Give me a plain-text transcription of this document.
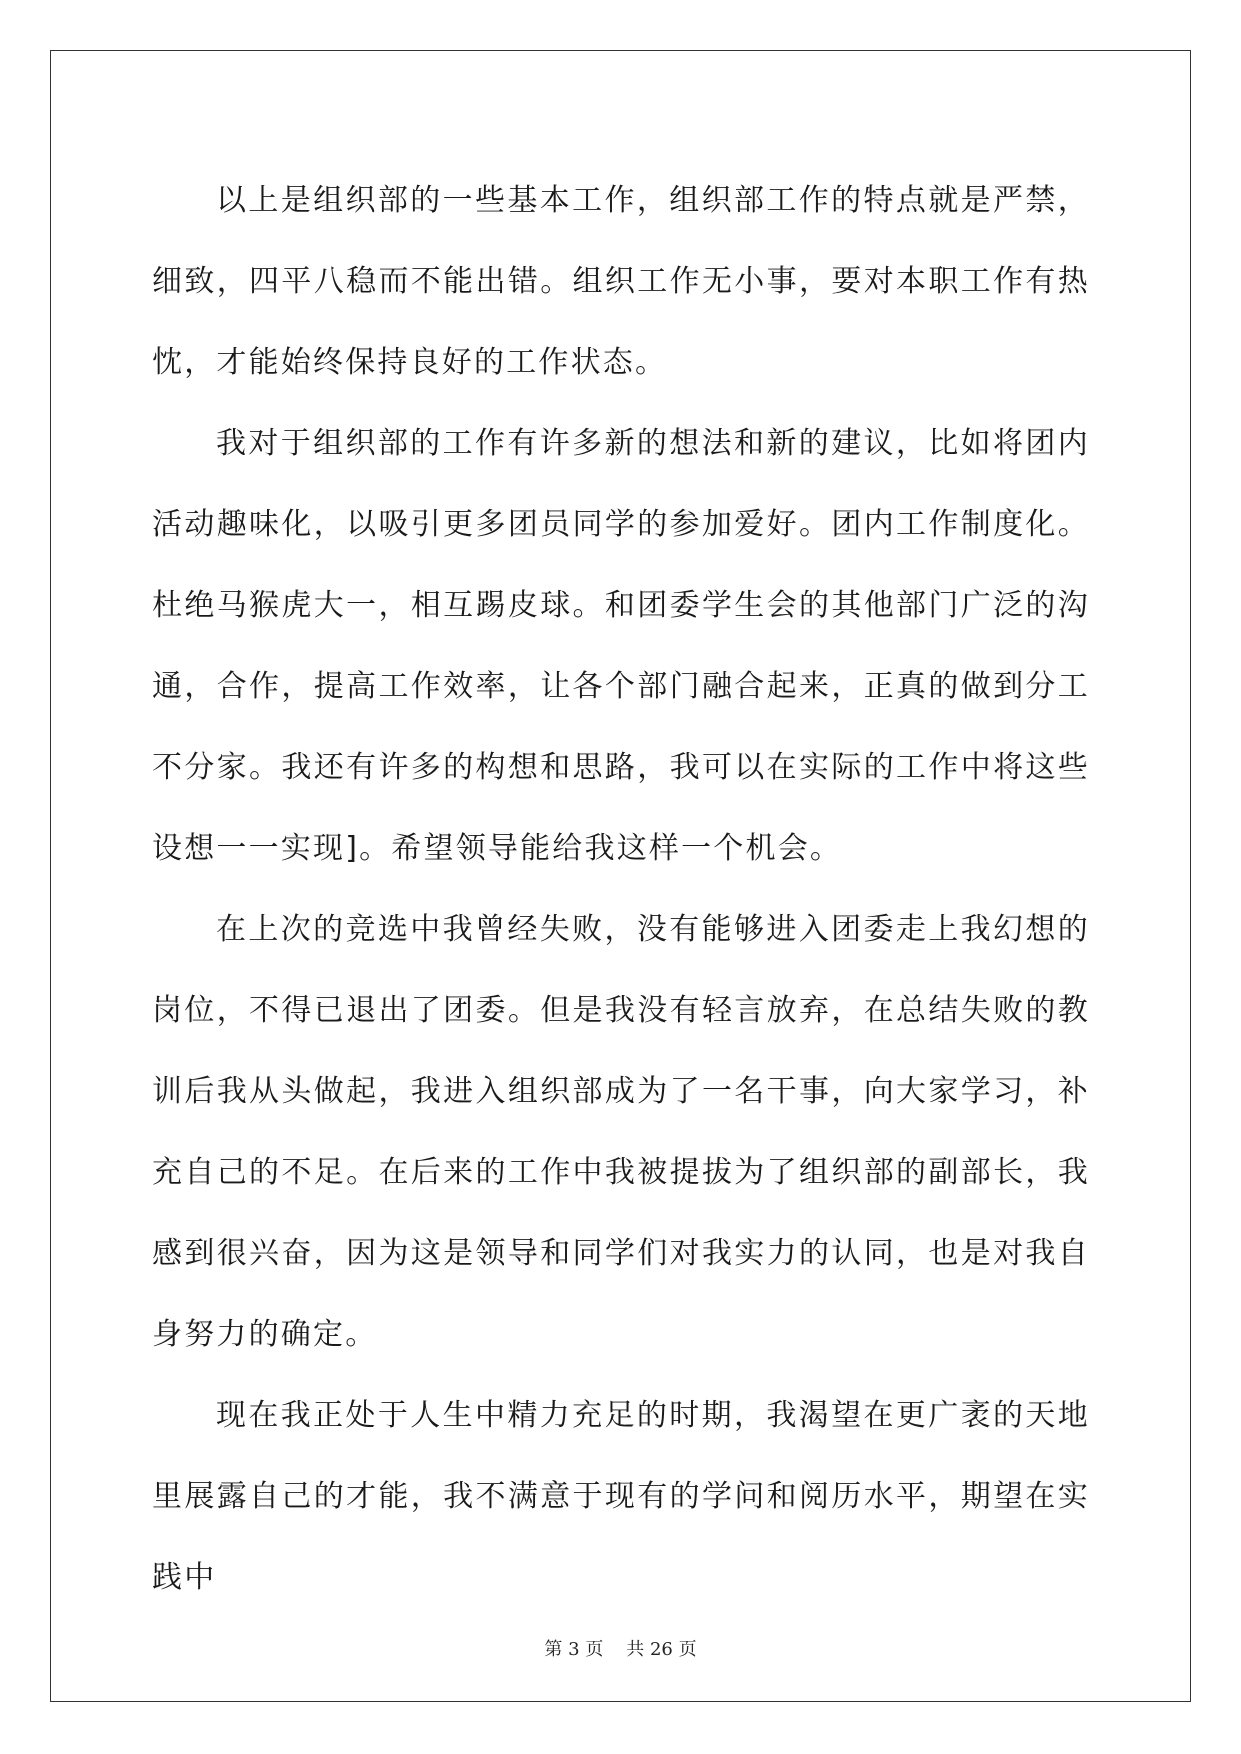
以上是组织部的一些基本工作，组织部工作的特点就是严禁，细致，四平八稳而不能出错。组织工作无小事，要对本职工作有热忱，才能始终保持良好的工作状态。

我对于组织部的工作有许多新的想法和新的建议，比如将团内活动趣味化，以吸引更多团员同学的参加爱好。团内工作制度化。杜绝马猴虎大一，相互踢皮球。和团委学生会的其他部门广泛的沟通，合作，提高工作效率，让各个部门融合起来，正真的做到分工不分家。我还有许多的构想和思路，我可以在实际的工作中将这些设想一一实现]。希望领导能给我这样一个机会。

在上次的竞选中我曾经失败，没有能够进入团委走上我幻想的岗位，不得已退出了团委。但是我没有轻言放弃，在总结失败的教训后我从头做起，我进入组织部成为了一名干事，向大家学习，补充自己的不足。在后来的工作中我被提拔为了组织部的副部长，我感到很兴奋，因为这是领导和同学们对我实力的认同，也是对我自身努力的确定。

现在我正处于人生中精力充足的时期，我渴望在更广袤的天地里展露自己的才能，我不满意于现有的学问和阅历水平，期望在实践中

第 3 页 共 26 页
